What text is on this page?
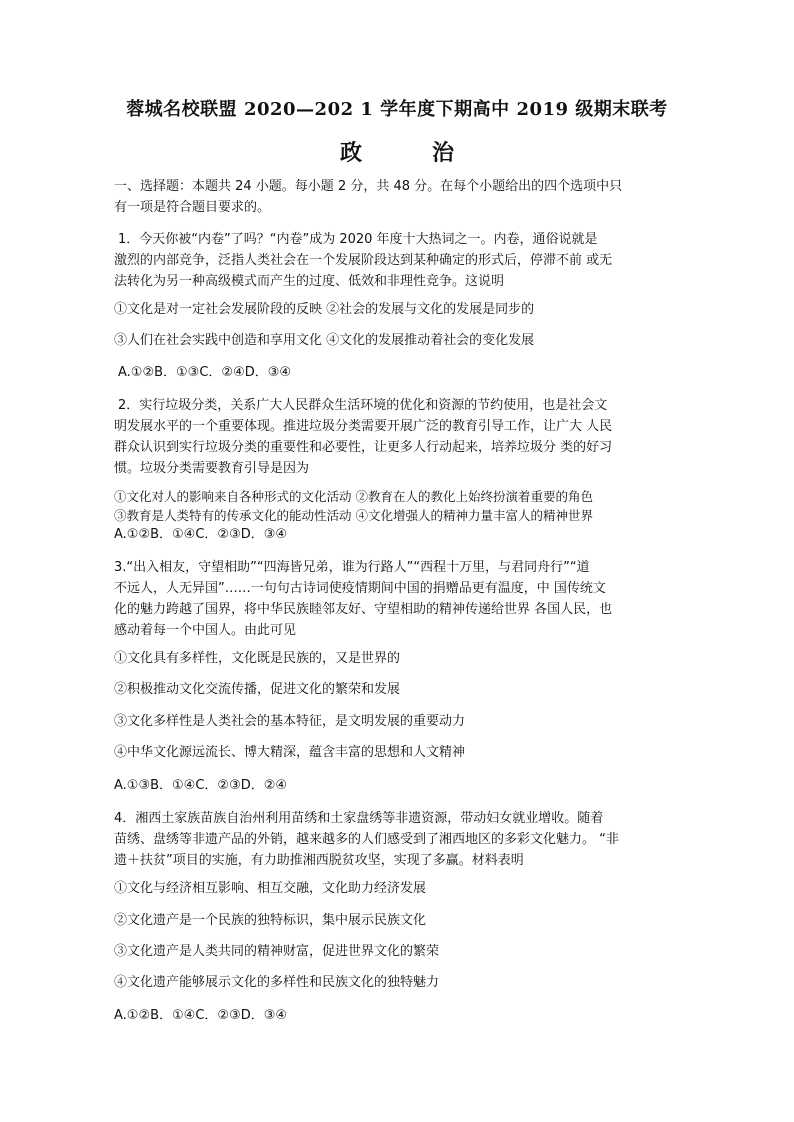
蓉城名校联盟 2020—202 1 学年度下期高中 2019 级期末联考
政　治
一、选择题：本题共 24 小题。每小题 2 分，共 48 分。在每个小题给出的四个选项中只
有一项是符合题目要求的。
1．今天你被“内卷”了吗？“内卷”成为 2020 年度十大热词之一。内卷，通俗说就是
激烈的内部竞争，泛指人类社会在一个发展阶段达到某种确定的形式后，停滞不前 或无
法转化为另一种高级模式而产生的过度、低效和非理性竞争。这说明
①文化是对一定社会发展阶段的反映 ②社会的发展与文化的发展是同步的
③人们在社会实践中创造和享用文化 ④文化的发展推动着社会的变化发展
A.①②B．①③C．②④D．③④
2．实行垃圾分类，关系广大人民群众生活环境的优化和资源的节约使用，也是社会文
明发展水平的一个重要体现。推进垃圾分类需要开展广泛的教育引导工作，让广大 人民
群众认识到实行垃圾分类的重要性和必要性，让更多人行动起来，培养垃圾分 类的好习
惯。垃圾分类需要教育引导是因为
①文化对人的影响来自各种形式的文化活动 ②教育在人的教化上始终扮演着重要的角色
③教育是人类特有的传承文化的能动性活动 ④文化增强人的精神力量丰富人的精神世界
A.①②B．①④C．②③D．③④
3.“出入相友，守望相助”“四海皆兄弟，谁为行路人”“西程十万里，与君同舟行”“道
不远人，人无异国”……一句句古诗词使疫情期间中国的捐赠品更有温度，中 国传统文
化的魅力跨越了国界，将中华民族睦邻友好、守望相助的精神传递给世界 各国人民，也
感动着每一个中国人。由此可见
①文化具有多样性，文化既是民族的，又是世界的
②积极推动文化交流传播，促进文化的繁荣和发展
③文化多样性是人类社会的基本特征，是文明发展的重要动力
④中华文化源远流长、博大精深，蕴含丰富的思想和人文精神
A.①③B．①④C．②③D．②④
4．湘西土家族苗族自治州利用苗绣和土家盘绣等非遗资源，带动妇女就业增收。随着
苗绣、盘绣等非遗产品的外销，越来越多的人们感受到了湘西地区的多彩文化魅力。 “非
遗＋扶贫”项目的实施，有力助推湘西脱贫攻坚，实现了多赢。材料表明
①文化与经济相互影响、相互交融，文化助力经济发展
②文化遗产是一个民族的独特标识，集中展示民族文化
③文化遗产是人类共同的精神财富，促进世界文化的繁荣
④文化遗产能够展示文化的多样性和民族文化的独特魅力
A.①②B．①④C．②③D．③④
